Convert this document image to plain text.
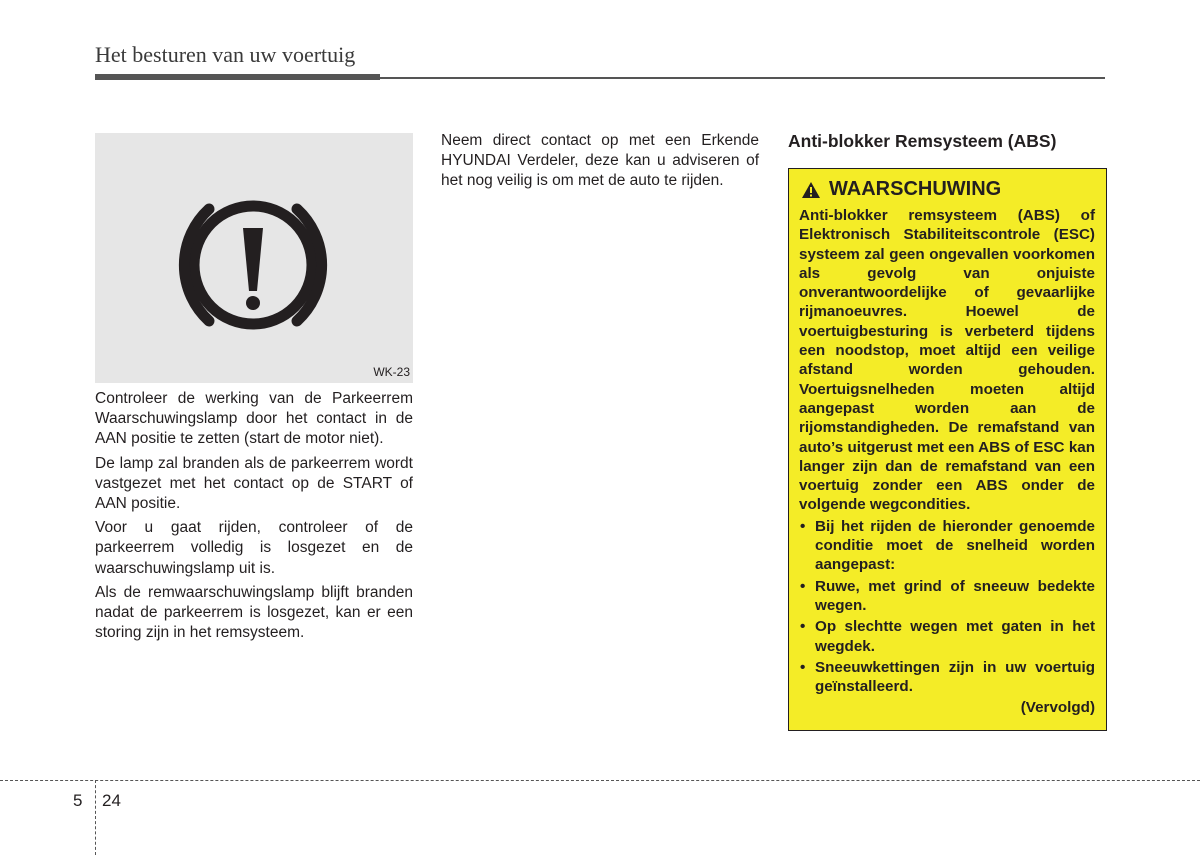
Het besturen van uw voertuig
WK-23

Controleer de werking van de Parkeerrem Waarschuwingslamp door het contact in de AAN positie te zetten (start de motor niet).

De lamp zal branden als de parkeerrem wordt vastgezet met het contact op de START of AAN positie.

Voor u gaat rijden, controleer of de parkeerrem volledig is losgezet en de waarschuwingslamp uit is.

Als de remwaarschuwingslamp blijft branden nadat de parkeerrem is losgezet, kan er een storing zijn in het remsysteem.

Neem direct contact op met een Erkende HYUNDAI Verdeler, deze kan u adviseren of het nog veilig is om met de auto te rijden.

Anti-blokker Remsysteem (ABS)
WAARSCHUWING
Anti-blokker remsysteem (ABS) of Elektronisch Stabiliteitscontrole (ESC) systeem zal geen ongevallen voorkomen als gevolg van onjuiste onverantwoordelijke of gevaarlijke rijmanoeuvres. Hoewel de voertuigbesturing is verbeterd tijdens een noodstop, moet altijd een veilige afstand worden gehouden. Voertuigsnelheden moeten altijd aangepast worden aan de rijomstandigheden. De remafstand van auto’s uitgerust met een ABS of ESC kan langer zijn dan de remafstand van een voertuig zonder een ABS onder de volgende wegcondities.
• Bij het rijden de hieronder genoemde conditie moet de snelheid worden aangepast:
• Ruwe, met grind of sneeuw bedekte wegen.
• Op slechtte wegen met gaten in het wegdek.
• Sneeuwkettingen zijn in uw voertuig geïnstalleerd.
(Vervolgd)
5 24
